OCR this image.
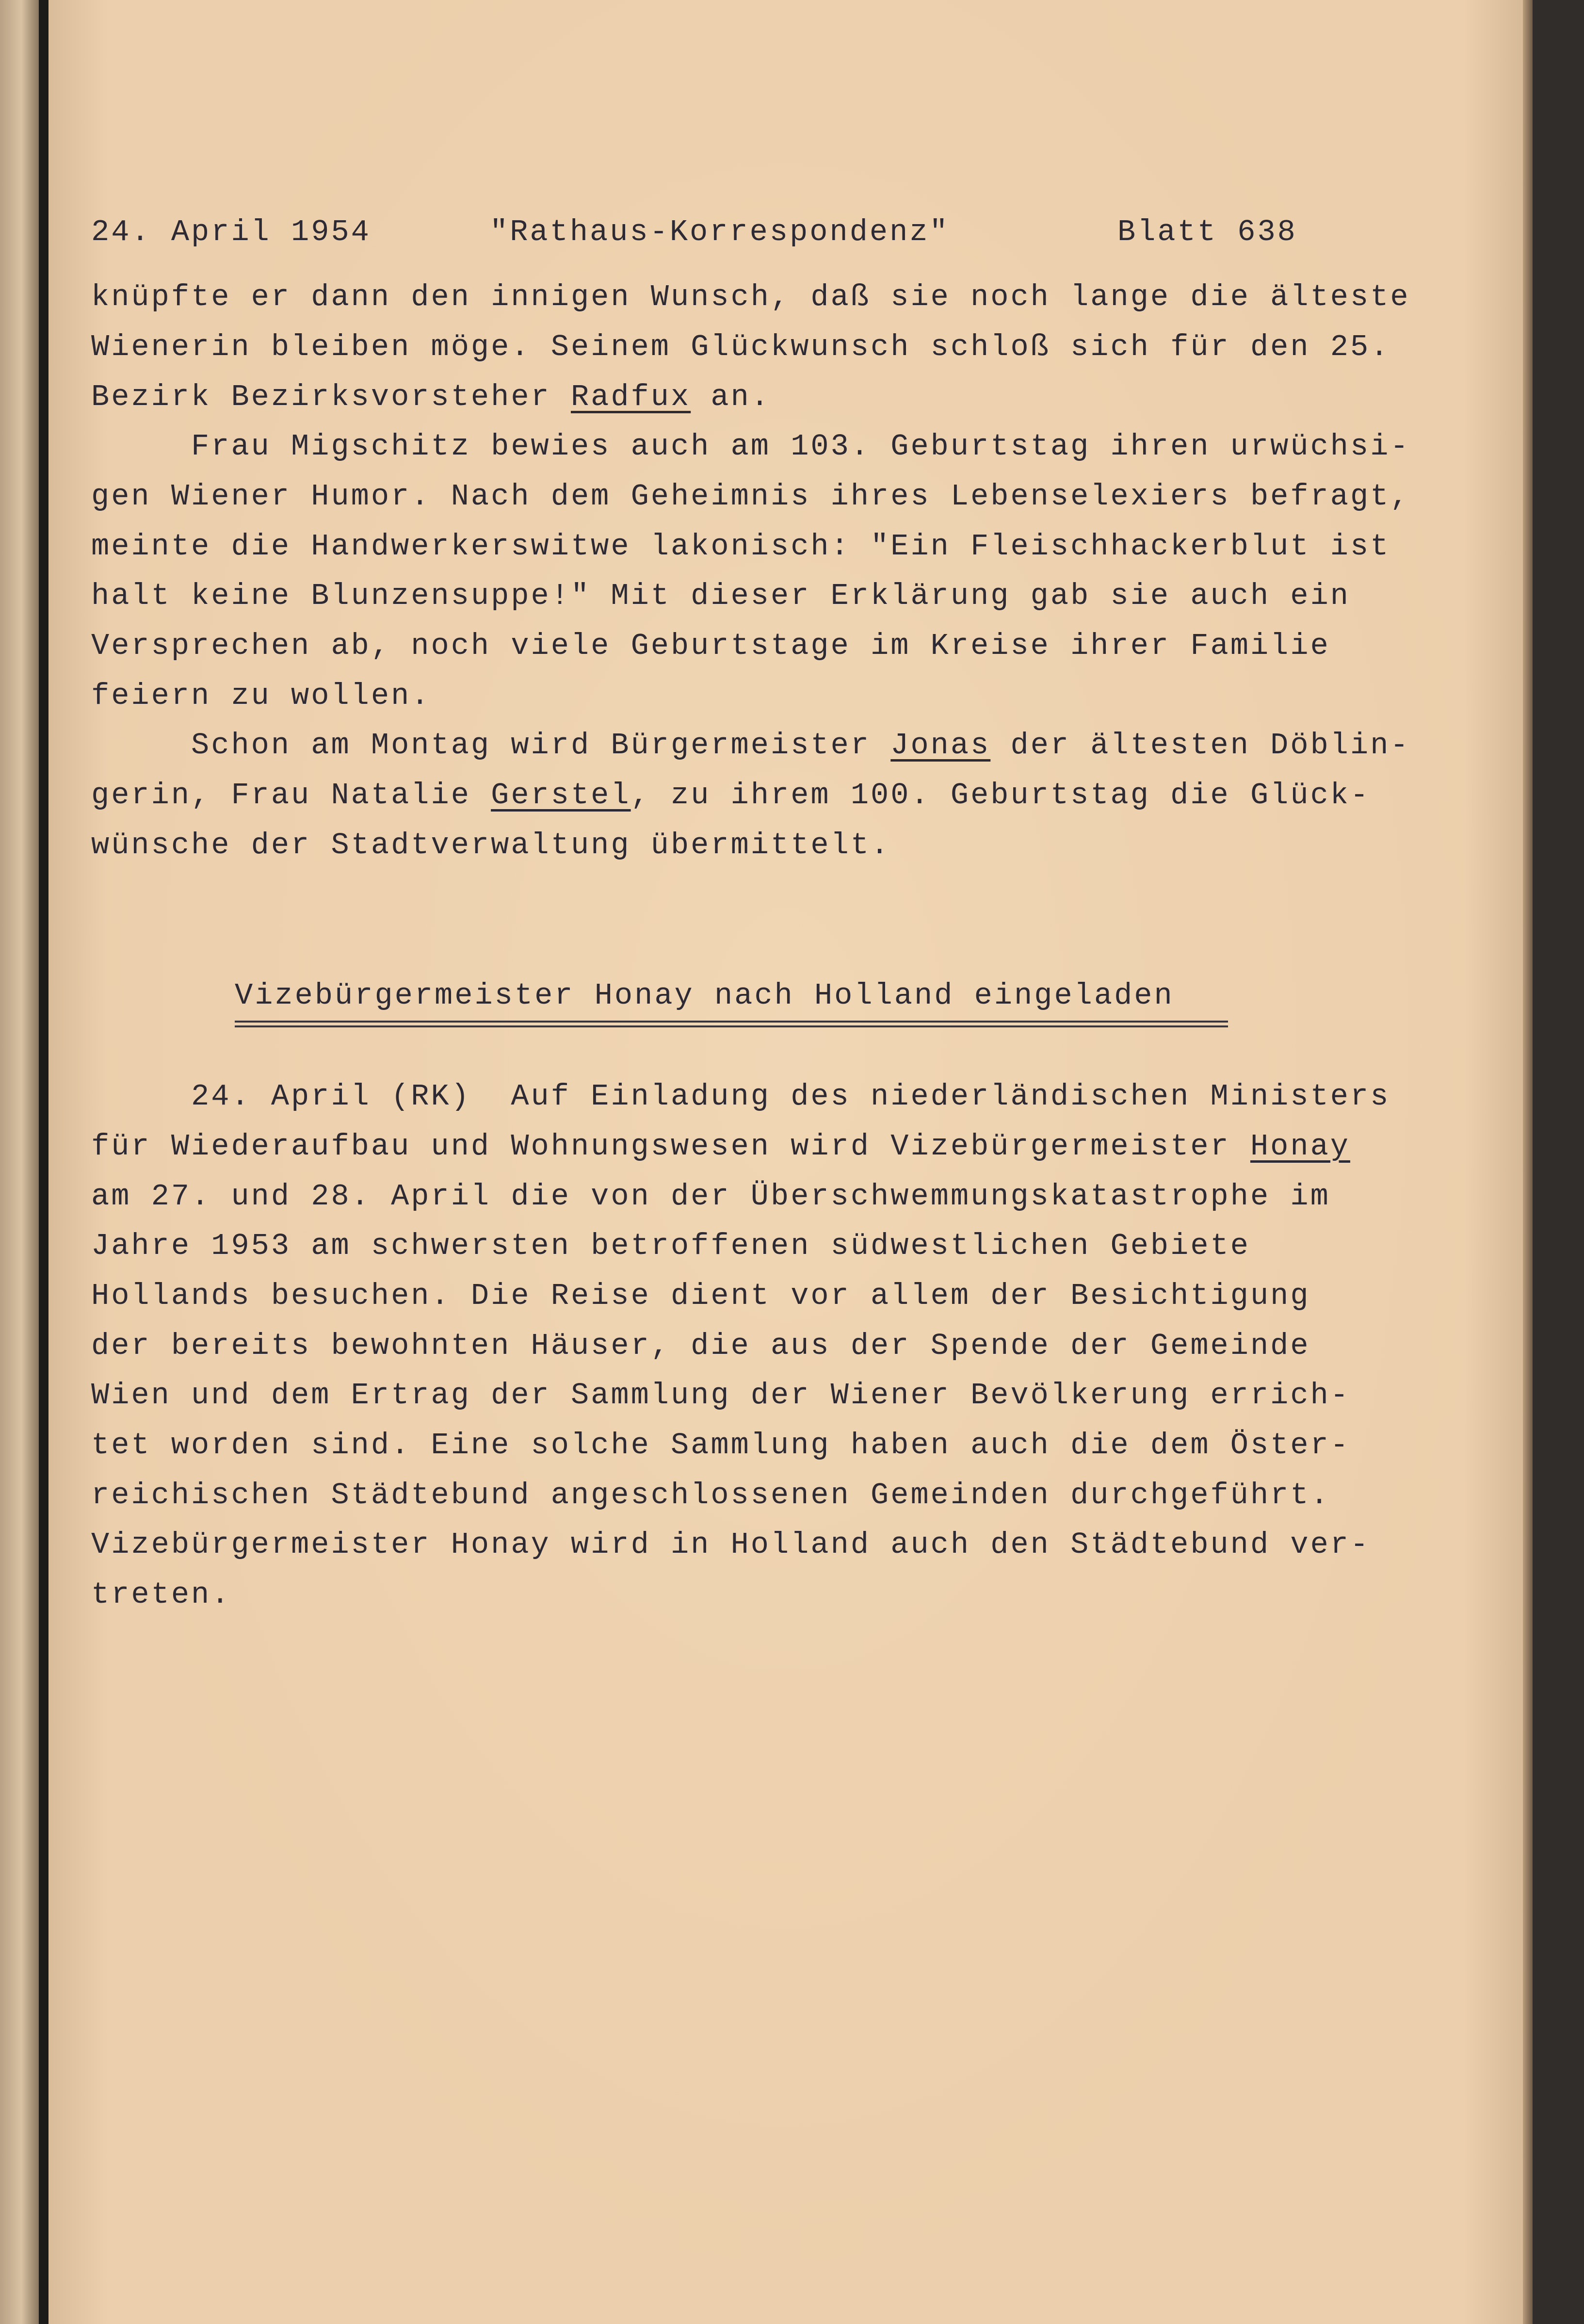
24. April 1954	"Rathaus-Korrespondenz"	Blatt 638
knüpfte er dann den innigen Wunsch, daß sie noch lange die älteste
Wienerin bleiben möge. Seinem Glückwunsch schloß sich für den 25.
Bezirk Bezirksvorsteher Radfux an.
Frau Migschitz bewies auch am 103. Geburtstag ihren urwüchsi-
gen Wiener Humor. Nach dem Geheimnis ihres Lebenselexiers befragt,
meinte die Handwerkerswitwe lakonisch: "Ein Fleischhackerblut ist
halt keine Blunzensuppe!" Mit dieser Erklärung gab sie auch ein
Versprechen ab, noch viele Geburtstage im Kreise ihrer Familie
feiern zu wollen.
Schon am Montag wird Bürgermeister Jonas der ältesten Döblin-
gerin, Frau Natalie Gerstel, zu ihrem 100. Geburtstag die Glück-
wünsche der Stadtverwaltung übermittelt.
Vizebürgermeister Honay nach Holland eingeladen
24. April (RK)  Auf Einladung des niederländischen Ministers
für Wiederaufbau und Wohnungswesen wird Vizebürgermeister Honay
am 27. und 28. April die von der Überschwemmungskatastrophe im
Jahre 1953 am schwersten betroffenen südwestlichen Gebiete
Hollands besuchen. Die Reise dient vor allem der Besichtigung
der bereits bewohnten Häuser, die aus der Spende der Gemeinde
Wien und dem Ertrag der Sammlung der Wiener Bevölkerung errich-
tet worden sind. Eine solche Sammlung haben auch die dem Öster-
reichischen Städtebund angeschlossenen Gemeinden durchgeführt.
Vizebürgermeister Honay wird in Holland auch den Städtebund ver-
treten.
